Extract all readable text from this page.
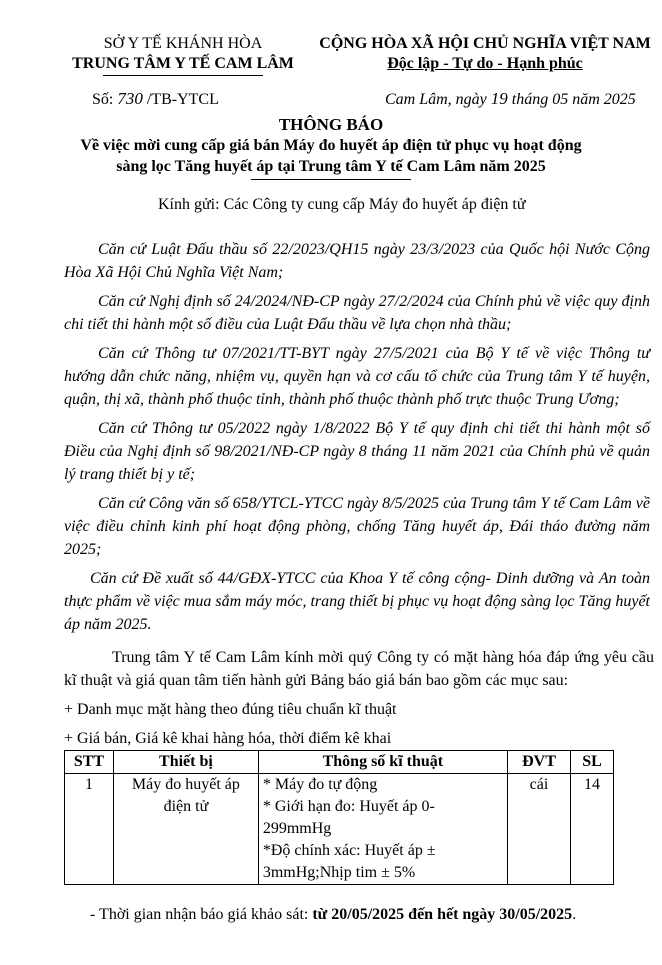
SỞ Y TẾ KHÁNH HÒA
TRUNG TÂM Y TẾ CAM LÂM
Số: 730 /TB-YTCL
CỘNG HÒA XÃ HỘI CHỦ NGHĨA VIỆT NAM
Độc lập - Tự do - Hạnh phúc
Cam Lâm, ngày 19 tháng 05 năm 2025
THÔNG BÁO
Về việc mời cung cấp giá bán Máy đo huyết áp điện tử phục vụ hoạt động
sàng lọc Tăng huyết áp tại Trung tâm Y tế Cam Lâm năm 2025
Kính gửi: Các Công ty cung cấp Máy đo huyết áp điện tử
Căn cứ Luật Đấu thầu số 22/2023/QH15 ngày 23/3/2023 của Quốc hội Nước Cộng Hòa Xã Hội Chủ Nghĩa Việt Nam;
Căn cứ Nghị định số 24/2024/NĐ-CP ngày 27/2/2024 của Chính phủ về việc quy định chi tiết thi hành một số điều của Luật Đấu thầu về lựa chọn nhà thầu;
Căn cứ Thông tư 07/2021/TT-BYT ngày 27/5/2021 của Bộ Y tế về việc Thông tư hướng dẫn chức năng, nhiệm vụ, quyền hạn và cơ cấu tổ chức của Trung tâm Y tế huyện, quận, thị xã, thành phố thuộc tỉnh, thành phố thuộc thành phố trực thuộc Trung Ương;
Căn cứ Thông tư 05/2022 ngày 1/8/2022 Bộ Y tế quy định chi tiết thi hành một số Điều của Nghị định số 98/2021/NĐ-CP ngày 8 tháng 11 năm 2021 của Chính phủ về quản lý trang thiết bị y tế;
Căn cứ Công văn số 658/YTCL-YTCC ngày 8/5/2025 của Trung tâm Y tế Cam Lâm về việc điều chỉnh kinh phí hoạt động phòng, chống Tăng huyết áp, Đái tháo đường năm 2025;
Căn cứ Đề xuất số 44/GĐX-YTCC của Khoa Y tế công cộng- Dinh dưỡng và An toàn thực phẩm về việc mua sắm máy móc, trang thiết bị phục vụ hoạt động sàng lọc Tăng huyết áp năm 2025.
Trung tâm Y tế Cam Lâm kính mời quý Công ty có mặt hàng hóa đáp ứng yêu cầu kĩ thuật và giá quan tâm tiến hành gửi Bảng báo giá bán bao gồm các mục sau:
+ Danh mục mặt hàng theo đúng tiêu chuẩn kĩ thuật
+ Giá bán, Giá kê khai hàng hóa, thời điểm kê khai
STT	Thiết bị	Thông số kĩ thuật	ĐVT	SL
1	Máy đo huyết áp điện tử	* Máy đo tự động
* Giới hạn đo: Huyết áp 0-299mmHg
*Độ chính xác: Huyết áp ± 3mmHg;Nhịp tim ± 5%	cái	14
- Thời gian nhận báo giá khảo sát: từ 20/05/2025 đến hết ngày 30/05/2025.
